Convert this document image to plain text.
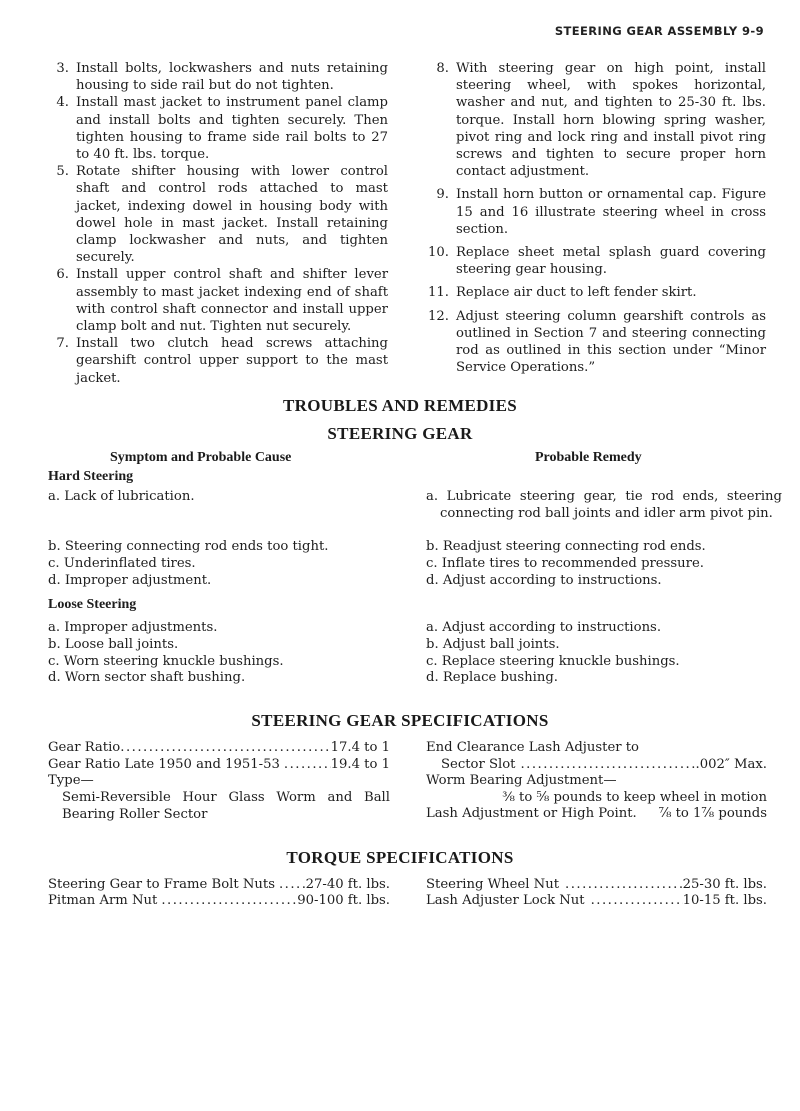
STEERING GEAR ASSEMBLY 9-9
3. Install bolts, lockwashers and nuts retaining housing to side rail but do not tighten.
4. Install mast jacket to instrument panel clamp and install bolts and tighten securely. Then tighten housing to frame side rail bolts to 27 to 40 ft. lbs. torque.
5. Rotate shifter housing with lower control shaft and control rods attached to mast jacket, indexing dowel in housing body with dowel hole in mast jacket. Install retaining clamp lockwasher and nuts, and tighten securely.
6. Install upper control shaft and shifter lever assembly to mast jacket indexing end of shaft with control shaft connector and install upper clamp bolt and nut. Tighten nut securely.
7. Install two clutch head screws attaching gearshift control upper support to the mast jacket.
8. With steering gear on high point, install steering wheel, with spokes horizontal, washer and nut, and tighten to 25-30 ft. lbs. torque. Install horn blowing spring washer, pivot ring and lock ring and install pivot ring screws and tighten to secure proper horn contact adjustment.
9. Install horn button or ornamental cap. Figure 15 and 16 illustrate steering wheel in cross section.
10. Replace sheet metal splash guard covering steering gear housing.
11. Replace air duct to left fender skirt.
12. Adjust steering column gearshift controls as outlined in Section 7 and steering connecting rod as outlined in this section under “Minor Service Operations.”
TROUBLES AND REMEDIES
STEERING GEAR
Symptom and Probable Cause	Probable Remedy
Hard Steering
a. Lack of lubrication.	a. Lubricate steering gear, tie rod ends, steering connecting rod ball joints and idler arm pivot pin.
b. Steering connecting rod ends too tight.	b. Readjust steering connecting rod ends.
c. Underinflated tires.	c. Inflate tires to recommended pressure.
d. Improper adjustment.	d. Adjust according to instructions.
Loose Steering
a. Improper adjustments.	a. Adjust according to instructions.
b. Loose ball joints.	b. Adjust ball joints.
c. Worn steering knuckle bushings.	c. Replace steering knuckle bushings.
d. Worn sector shaft bushing.	d. Replace bushing.
STEERING GEAR SPECIFICATIONS
Gear Ratio .....	17.4 to 1
Gear Ratio Late 1950 and 1951-53 .....	19.4 to 1
Type—
Semi-Reversible Hour Glass Worm and Ball Bearing Roller Sector
End Clearance Lash Adjuster to
Sector Slot .....	.002″ Max.
Worm Bearing Adjustment—
⅜ to ⅝ pounds to keep wheel in motion
Lash Adjustment or High Point. ⅞ to 1⅞ pounds
TORQUE SPECIFICATIONS
Steering Gear to Frame Bolt Nuts ..... 27-40 ft. lbs.
Pitman Arm Nut .....	90-100 ft. lbs.
Steering Wheel Nut .....	25-30 ft. lbs.
Lash Adjuster Lock Nut .....	10-15 ft. lbs.
